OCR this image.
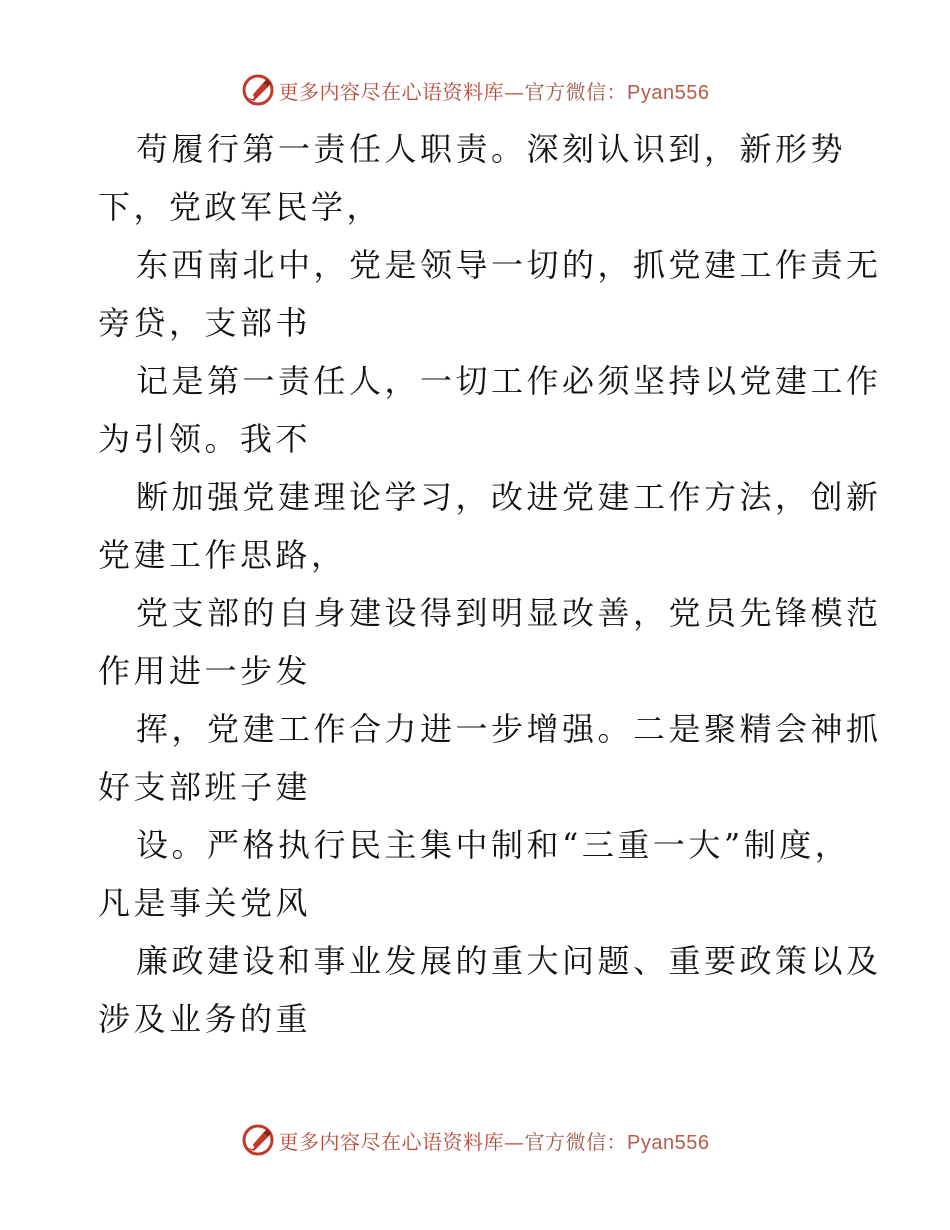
更多内容尽在心语资料库—官方微信：Pyan556
苟履行第一责任人职责。深刻认识到，新形势
下，党政军民学，
东西南北中，党是领导一切的，抓党建工作责无
旁贷，支部书
记是第一责任人，一切工作必须坚持以党建工作
为引领。我不
断加强党建理论学习，改进党建工作方法，创新
党建工作思路，
党支部的自身建设得到明显改善，党员先锋模范
作用进一步发
挥，党建工作合力进一步增强。二是聚精会神抓
好支部班子建
设。严格执行民主集中制和“三重一大”制度，
凡是事关党风
廉政建设和事业发展的重大问题、重要政策以及
涉及业务的重
更多内容尽在心语资料库—官方微信：Pyan556
